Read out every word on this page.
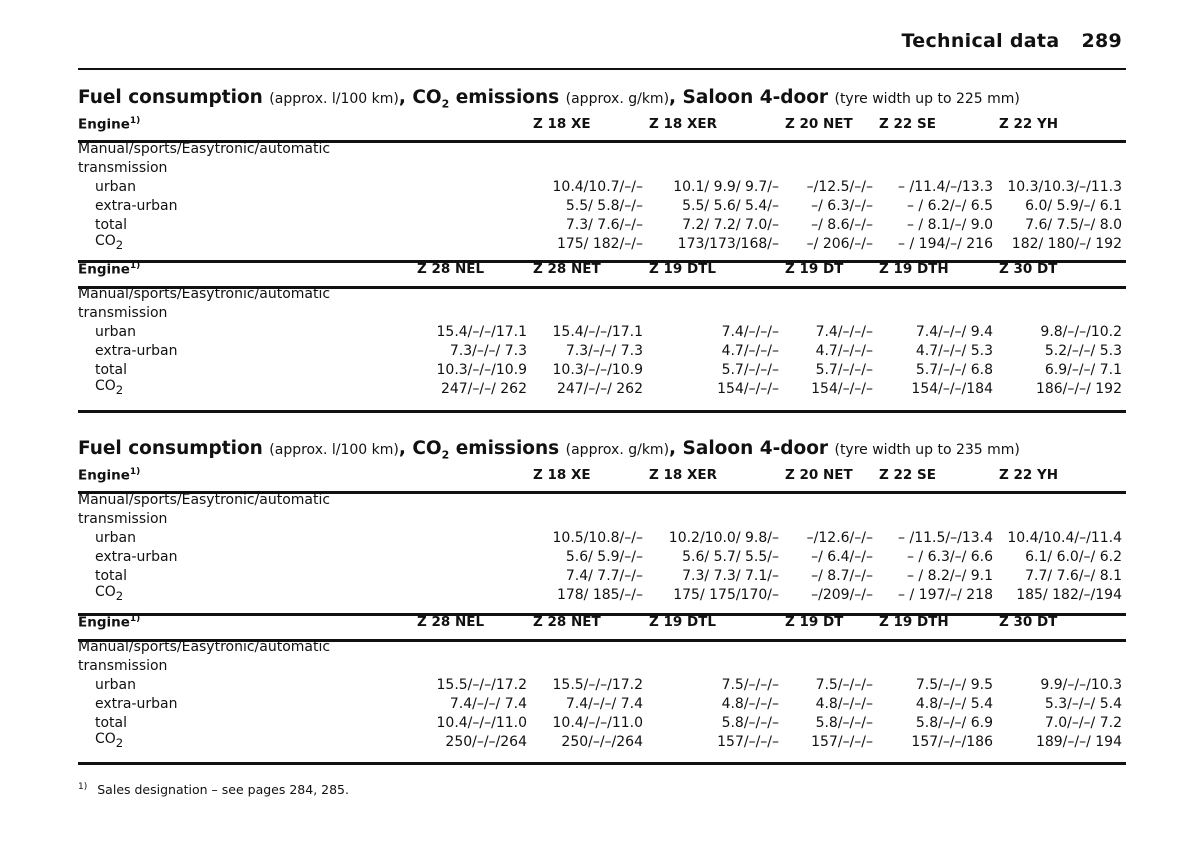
Technical data 289
Fuel consumption (approx. l/100 km), $CO_2$ emissions (approx. g/km), Saloon 4-door (tyre width up to 225 mm)
Engine$^{1)}$		Z 18 XE	Z 18 XER	Z 20 NET	Z 22 SE	Z 22 YH

Manual/sports/Easytronic/automatic						
transmission						
urban		10.4/10.7/–/–	10.1/ 9.9/ 9.7/–	–/12.5/–/–	– /11.4/–/13.3	10.3/10.3/–/11.3
extra-urban		5.5/ 5.8/–/–	5.5/ 5.6/ 5.4/–	–/ 6.3/–/–	– / 6.2/–/ 6.5	6.0/ 5.9/–/ 6.1
total		7.3/ 7.6/–/–	7.2/ 7.2/ 7.0/–	–/ 8.6/–/–	– / 8.1/–/ 9.0	7.6/ 7.5/–/ 8.0
$CO_2$		175/ 182/–/–	173/173/168/–	–/ 206/–/–	– / 194/–/ 216	182/ 180/–/ 192
Engine$^{1)}$	Z 28 NEL	Z 28 NET	Z 19 DTL	Z 19 DT	Z 19 DTH	Z 30 DT

Manual/sports/Easytronic/automatic						
transmission						
urban	15.4/–/–/17.1	15.4/–/–/17.1	7.4/–/–/–	7.4/–/–/–	7.4/–/–/ 9.4	9.8/–/–/10.2
extra-urban	7.3/–/–/ 7.3	7.3/–/–/ 7.3	4.7/–/–/–	4.7/–/–/–	4.7/–/–/ 5.3	5.2/–/–/ 5.3
total	10.3/–/–/10.9	10.3/–/–/10.9	5.7/–/–/–	5.7/–/–/–	5.7/–/–/ 6.8	6.9/–/–/ 7.1
$CO_2$	247/–/–/ 262	247/–/–/ 262	154/–/–/–	154/–/–/–	154/–/–/184	186/–/–/ 192
Fuel consumption (approx. l/100 km), $CO_2$ emissions (approx. g/km), Saloon 4-door (tyre width up to 235 mm)
Engine$^{1)}$		Z 18 XE	Z 18 XER	Z 20 NET	Z 22 SE	Z 22 YH

Manual/sports/Easytronic/automatic						
transmission						
urban		10.5/10.8/–/–	10.2/10.0/ 9.8/–	–/12.6/–/–	– /11.5/–/13.4	10.4/10.4/–/11.4
extra-urban		5.6/ 5.9/–/–	5.6/ 5.7/ 5.5/–	–/ 6.4/–/–	– / 6.3/–/ 6.6	6.1/ 6.0/–/ 6.2
total		7.4/ 7.7/–/–	7.3/ 7.3/ 7.1/–	–/ 8.7/–/–	– / 8.2/–/ 9.1	7.7/ 7.6/–/ 8.1
$CO_2$		178/ 185/–/–	175/ 175/170/–	–/209/–/–	– / 197/–/ 218	185/ 182/–/194
Engine$^{1)}$	Z 28 NEL	Z 28 NET	Z 19 DTL	Z 19 DT	Z 19 DTH	Z 30 DT

Manual/sports/Easytronic/automatic						
transmission						
urban	15.5/–/–/17.2	15.5/–/–/17.2	7.5/–/–/–	7.5/–/–/–	7.5/–/–/ 9.5	9.9/–/–/10.3
extra-urban	7.4/–/–/ 7.4	7.4/–/–/ 7.4	4.8/–/–/–	4.8/–/–/–	4.8/–/–/ 5.4	5.3/–/–/ 5.4
total	10.4/–/–/11.0	10.4/–/–/11.0	5.8/–/–/–	5.8/–/–/–	5.8/–/–/ 6.9	7.0/–/–/ 7.2
$CO_2$	250/–/–/264	250/–/–/264	157/–/–/–	157/–/–/–	157/–/–/186	189/–/–/ 194
$^{1)}$ Sales designation – see pages 284, 285.
